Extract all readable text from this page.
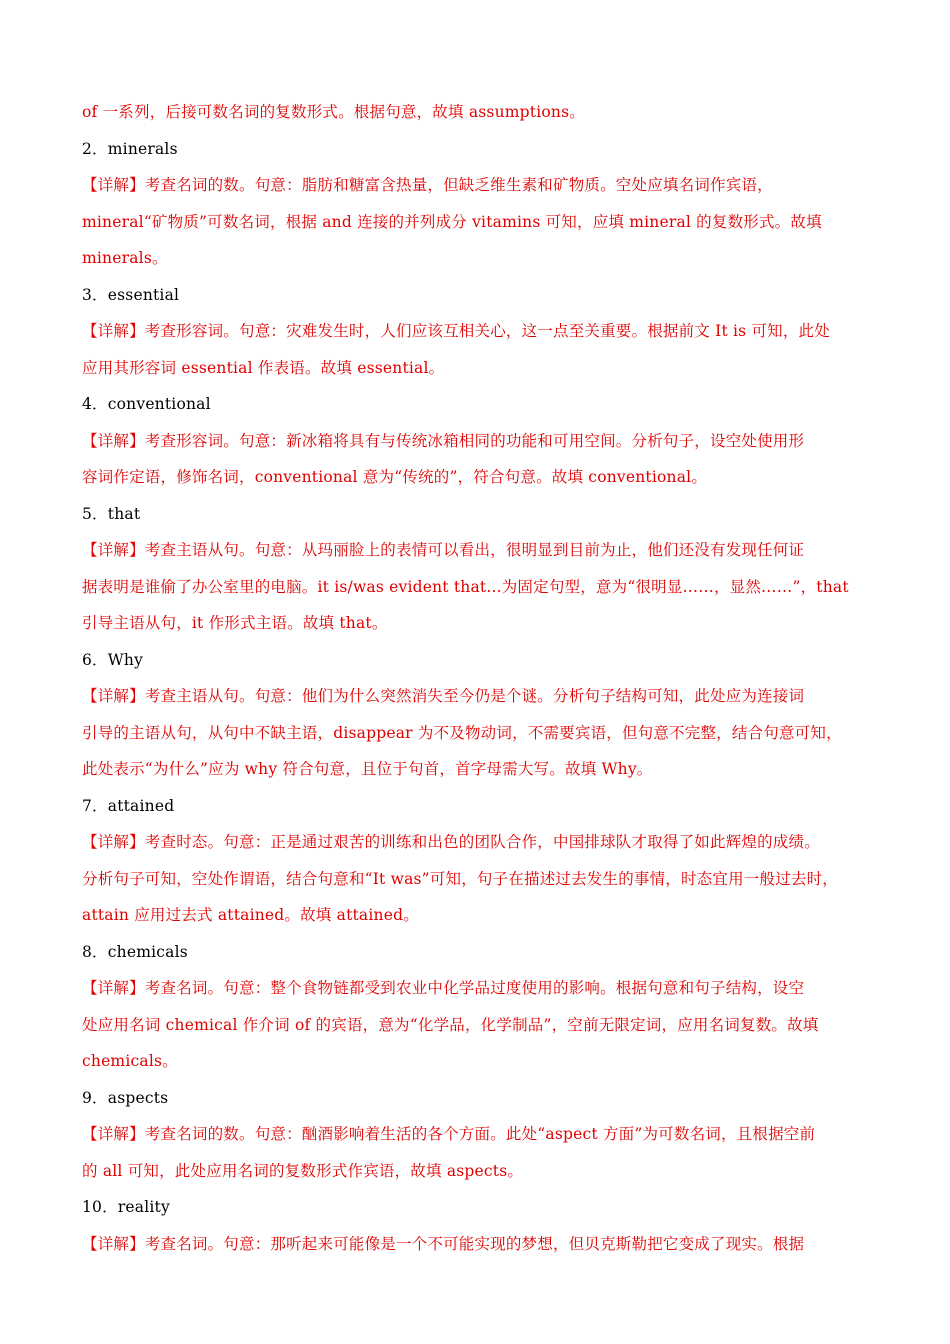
of 一系列，后接可数名词的复数形式。根据句意，故填 assumptions。
2．minerals
【详解】考查名词的数。句意：脂肪和糖富含热量，但缺乏维生素和矿物质。空处应填名词作宾语，
mineral“矿物质”可数名词，根据 and 连接的并列成分 vitamins 可知，应填 mineral 的复数形式。故填
minerals。
3．essential
【详解】考查形容词。句意：灾难发生时，人们应该互相关心，这一点至关重要。根据前文 It is 可知，此处
应用其形容词 essential 作表语。故填 essential。
4．conventional
【详解】考查形容词。句意：新冰箱将具有与传统冰箱相同的功能和可用空间。分析句子，设空处使用形
容词作定语，修饰名词，conventional 意为“传统的”，符合句意。故填 conventional。
5．that
【详解】考查主语从句。句意：从玛丽脸上的表情可以看出，很明显到目前为止，他们还没有发现任何证
据表明是谁偷了办公室里的电脑。it is/was evident that...为固定句型，意为“很明显……，显然……”，that
引导主语从句，it 作形式主语。故填 that。
6．Why
【详解】考查主语从句。句意：他们为什么突然消失至今仍是个谜。分析句子结构可知，此处应为连接词
引导的主语从句，从句中不缺主语，disappear 为不及物动词，不需要宾语，但句意不完整，结合句意可知，
此处表示“为什么”应为 why 符合句意，且位于句首，首字母需大写。故填 Why。
7．attained
【详解】考查时态。句意：正是通过艰苦的训练和出色的团队合作，中国排球队才取得了如此辉煌的成绩。
分析句子可知，空处作谓语，结合句意和“It was”可知，句子在描述过去发生的事情，时态宜用一般过去时，
attain 应用过去式 attained。故填 attained。
8．chemicals
【详解】考查名词。句意：整个食物链都受到农业中化学品过度使用的影响。根据句意和句子结构，设空
处应用名词 chemical 作介词 of 的宾语，意为“化学品，化学制品”，空前无限定词，应用名词复数。故填
chemicals。
9．aspects
【详解】考查名词的数。句意：酗酒影响着生活的各个方面。此处“aspect 方面”为可数名词，且根据空前
的 all 可知，此处应用名词的复数形式作宾语，故填 aspects。
10．reality
【详解】考查名词。句意：那听起来可能像是一个不可能实现的梦想，但贝克斯勒把它变成了现实。根据
